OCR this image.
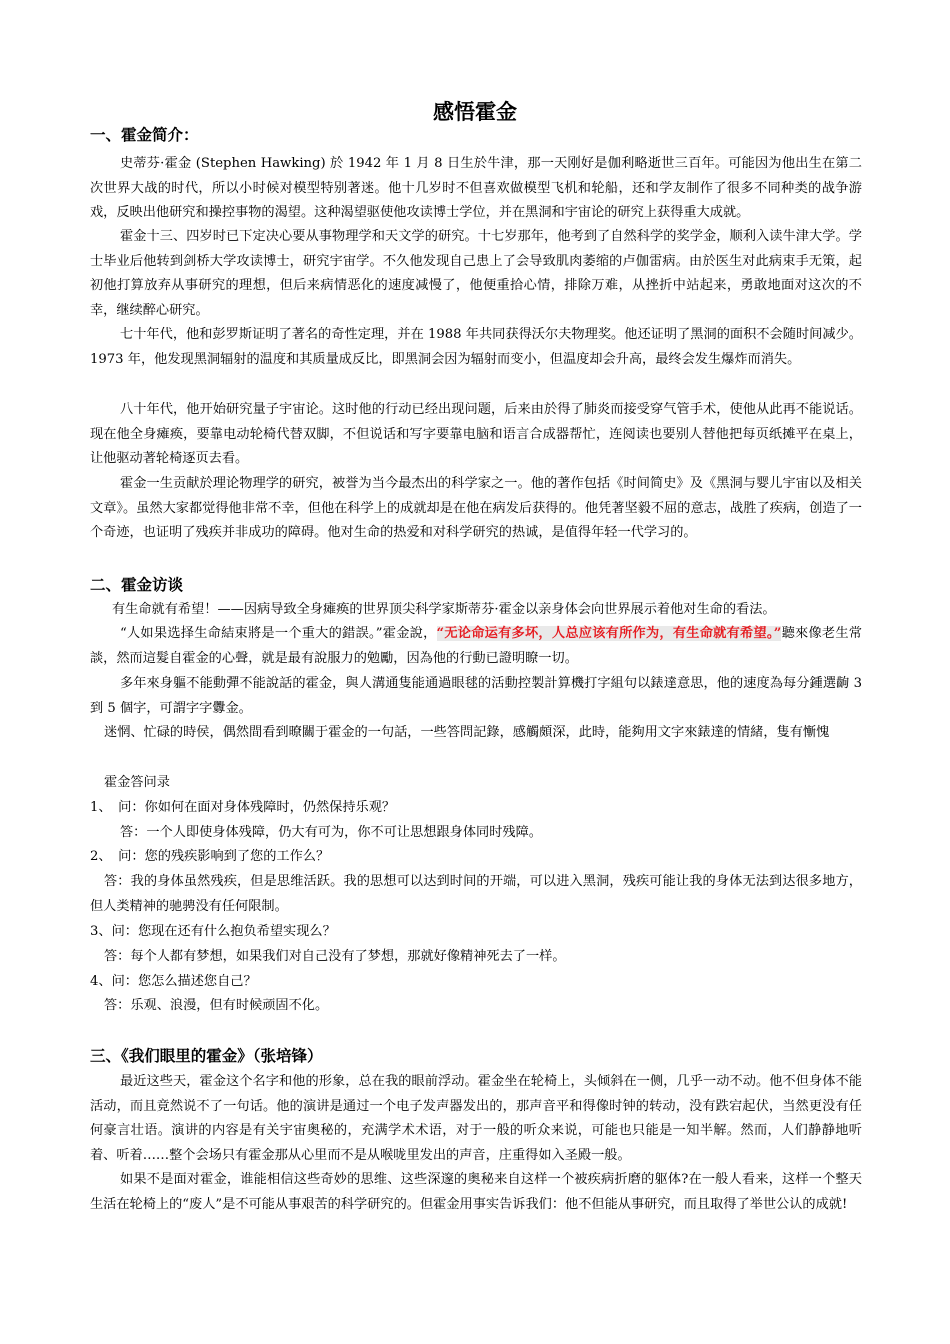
感悟霍金
一、霍金简介：

史蒂芬·霍金 (Stephen Hawking) 於 1942 年 1 月 8 日生於牛津，那一天刚好是伽利略逝世三百年。可能因为他出生在第二次世界大战的时代，所以小时候对模型特别著迷。他十几岁时不但喜欢做模型飞机和轮船，还和学友制作了很多不同种类的战争游戏，反映出他研究和操控事物的渴望。这种渴望驱使他攻读博士学位，并在黑洞和宇宙论的研究上获得重大成就。

霍金十三、四岁时已下定决心要从事物理学和天文学的研究。十七岁那年，他考到了自然科学的奖学金，顺利入读牛津大学。学士毕业后他转到剑桥大学攻读博士，研究宇宙学。不久他发现自己患上了会导致肌肉萎缩的卢伽雷病。由於医生对此病束手无策，起初他打算放弃从事研究的理想，但后来病情恶化的速度减慢了，他便重拾心情，排除万难，从挫折中站起来，勇敢地面对这次的不幸，继续醉心研究。

七十年代，他和彭罗斯证明了著名的奇性定理，并在 1988 年共同获得沃尔夫物理奖。他还证明了黑洞的面积不会随时间减少。1973 年，他发现黑洞辐射的温度和其质量成反比，即黑洞会因为辐射而变小，但温度却会升高，最终会发生爆炸而消失。

八十年代，他开始研究量子宇宙论。这时他的行动已经出现问题，后来由於得了肺炎而接受穿气管手术，使他从此再不能说话。现在他全身瘫痪，要靠电动轮椅代替双脚，不但说话和写字要靠电脑和语言合成器帮忙，连阅读也要别人替他把每页纸摊平在桌上，让他驱动著轮椅逐页去看。

霍金一生贡献於理论物理学的研究，被誉为当今最杰出的科学家之一。他的著作包括《时间简史》及《黑洞与婴儿宇宙以及相关文章》。虽然大家都觉得他非常不幸，但他在科学上的成就却是在他在病发后获得的。他凭著坚毅不屈的意志，战胜了疾病，创造了一个奇迹，也证明了残疾并非成功的障碍。他对生命的热爱和对科学研究的热诚，是值得年轻一代学习的。

二、霍金访谈

有生命就有希望！——因病导致全身瘫痪的世界顶尖科学家斯蒂芬·霍金以亲身体会向世界展示着他对生命的看法。

“人如果选择生命結束將是一个重大的錯誤。”霍金說，“无论命运有多坏，人总应该有所作为，有生命就有希望。”聽來像老生常談，然而這髮自霍金的心聲，就是最有說服力的勉勵，因為他的行動已證明瞭一切。

多年來身軀不能動彈不能說話的霍金，與人溝通隻能通過眼毬的活動控製計算機打字組句以錶達意思，他的速度為每分鍾選齣 3 到 5 個字，可謂字字釁金。

迷惘、忙碌的時侯，偶然間看到暸關于霍金的一句話，一些答問記錄，感觸頗深，此時，能夠用文字來錶達的情緒，隻有慚愧

霍金答问录

1、　问：你如何在面对身体残障时，仍然保持乐观？

答：一个人即使身体残障，仍大有可为，你不可让思想跟身体同时残障。

2、　问：您的残疾影响到了您的工作么？

答：我的身体虽然残疾，但是思维活跃。我的思想可以达到时间的开端，可以进入黑洞，残疾可能让我的身体无法到达很多地方，但人类精神的驰骋没有任何限制。

3、问：您现在还有什么抱负希望实现么？

答：每个人都有梦想，如果我们对自己没有了梦想，那就好像精神死去了一样。

4、问：您怎么描述您自己？

答：乐观、浪漫，但有时候顽固不化。

三、《我们眼里的霍金》（张培锋）

最近这些天，霍金这个名字和他的形象，总在我的眼前浮动。霍金坐在轮椅上，头倾斜在一侧，几乎一动不动。他不但身体不能活动，而且竟然说不了一句话。他的演讲是通过一个电子发声器发出的，那声音平和得像时钟的转动，没有跌宕起伏，当然更没有任何豪言壮语。演讲的内容是有关宇宙奥秘的，充满学术术语，对于一般的听众来说，可能也只能是一知半解。然而，人们静静地听着、听着……整个会场只有霍金那从心里而不是从喉咙里发出的声音，庄重得如入圣殿一般。

如果不是面对霍金，谁能相信这些奇妙的思维、这些深邃的奥秘来自这样一个被疾病折磨的躯体?在一般人看来，这样一个整天生活在轮椅上的“废人”是不可能从事艰苦的科学研究的。但霍金用事实告诉我们：他不但能从事研究，而且取得了举世公认的成就!
